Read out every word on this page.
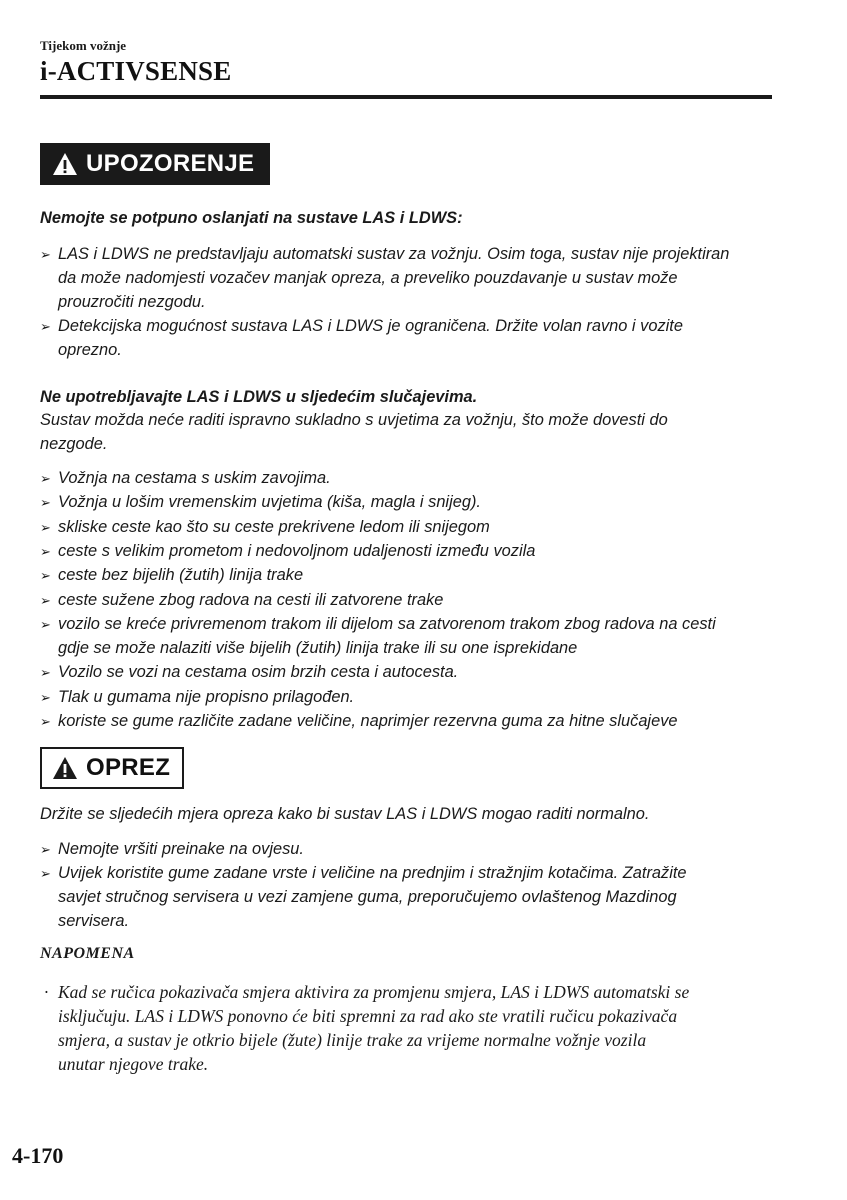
Tijekom vožnje
i-ACTIVSENSE
UPOZORENJE
Nemojte se potpuno oslanjati na sustave LAS i LDWS:
➢ LAS i LDWS ne predstavljaju automatski sustav za vožnju. Osim toga, sustav nije projektiran
da može nadomjesti vozačev manjak opreza, a preveliko pouzdavanje u sustav može
prouzročiti nezgodu.
➢ Detekcijska mogućnost sustava LAS i LDWS je ograničena. Držite volan ravno i vozite
oprezno.
Ne upotrebljavajte LAS i LDWS u sljedećim slučajevima.
Sustav možda neće raditi ispravno sukladno s uvjetima za vožnju, što može dovesti do
nezgode.
➢ Vožnja na cestama s uskim zavojima.
➢ Vožnja u lošim vremenskim uvjetima (kiša, magla i snijeg).
➢ skliske ceste kao što su ceste prekrivene ledom ili snijegom
➢ ceste s velikim prometom i nedovoljnom udaljenosti između vozila
➢ ceste bez bijelih (žutih) linija trake
➢ ceste sužene zbog radova na cesti ili zatvorene trake
➢ vozilo se kreće privremenom trakom ili dijelom sa zatvorenom trakom zbog radova na cesti
gdje se može nalaziti više bijelih (žutih) linija trake ili su one isprekidane
➢ Vozilo se vozi na cestama osim brzih cesta i autocesta.
➢ Tlak u gumama nije propisno prilagođen.
➢ koriste se gume različite zadane veličine, naprimjer rezervna guma za hitne slučajeve
OPREZ
Držite se sljedećih mjera opreza kako bi sustav LAS i LDWS mogao raditi normalno.
➢ Nemojte vršiti preinake na ovjesu.
➢ Uvijek koristite gume zadane vrste i veličine na prednjim i stražnjim kotačima. Zatražite
savjet stručnog servisera u vezi zamjene guma, preporučujemo ovlaštenog Mazdinog
servisera.
NAPOMENA
· Kad se ručica pokazivača smjera aktivira za promjenu smjera, LAS i LDWS automatski se
isključuju. LAS i LDWS ponovno će biti spremni za rad ako ste vratili ručicu pokazivača
smjera, a sustav je otkrio bijele (žute) linije trake za vrijeme normalne vožnje vozila
unutar njegove trake.
4-170
